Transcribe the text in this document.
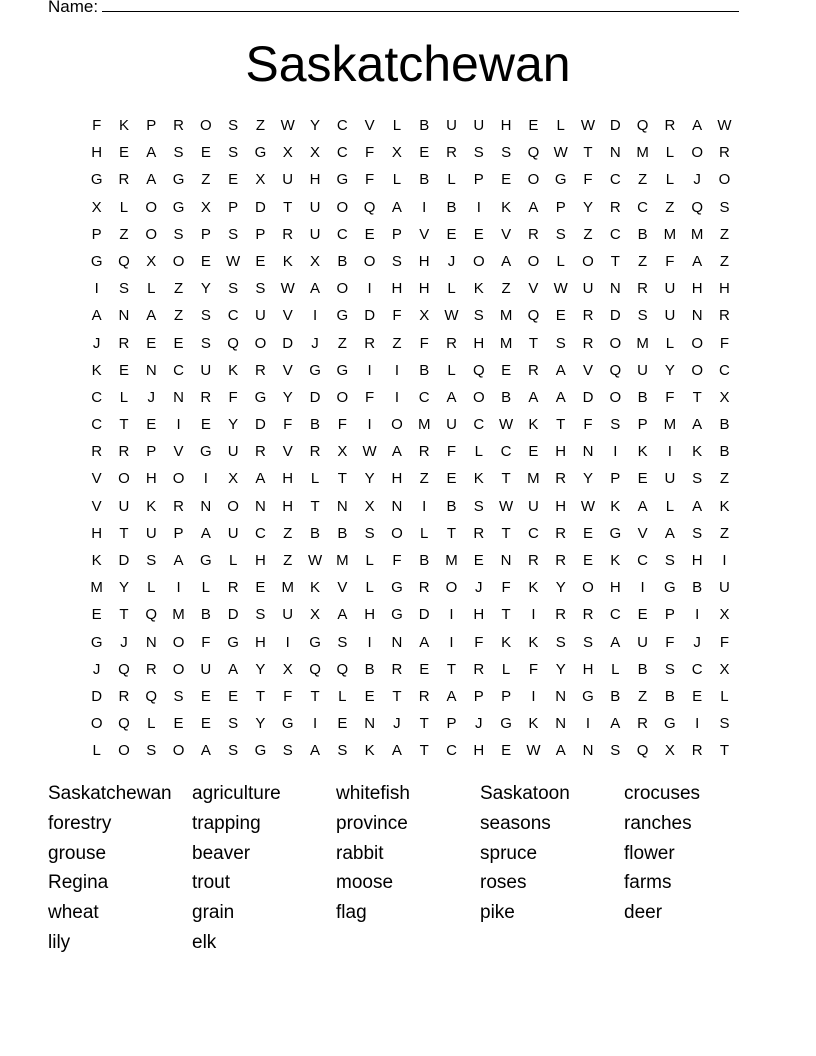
Name:
Saskatchewan
F	K	P	R	O	S	Z	W	Y	C	V	L	B	U	U	H	E	L	W D	Q	R	A	W
H	E	A	S	E	S	G	X	X	C	F	X	E	R	S	S	Q W	T	N	M	L	O	R
G	R	A	G	Z	E	X	U	H	G	F	L	B	L	P	E	O	G	F	C	Z	L	J	O
X	L	O	G	X	P	D	T	U	O	Q	A	I	B	I	K	A	P	Y	R	C	Z	Q	S
P	Z	O	S	P	S	P	R	U	C	E	P	V	E	E	V	R	S	Z	C	B	M M	Z
G	Q	X	O	E	W	E	K	X	B	O	S	H	J	O	A	O	L	O	T	Z	F	A	Z
I	S	L	Z	Y	S	S	W	A	O	I	H	H	L	K	Z	V	W U	N	R	U	H	H
A	N	A	Z	S	C	U	V	I	G	D	F	X	W	S	M	Q	E	R	D	S	U	N	R
J	R	E	E	S	Q	O	D	J	Z	R	Z	F	R	H	M	T	S	R	O	M	L	O	F
K	E	N	C	U	K	R	V	G	G	I	I	B	L	Q	E	R	A	V	Q	U	Y	O	C
C	L	J	N	R	F	G	Y	D	O	F	I	C	A	O	B	A	A	D	O	B	F	T	X
C	T	E	I	E	Y	D	F	B	F	I	O	M	U	C W	K	T	F	S	P	M	A	B
R	R	P	V	G	U	R	V	R	X	W	A	R	F	L	C	E	H	N	I	K	I	K	B
V	O	H	O	I	X	A	H	L	T	Y	H	Z	E	K	T	M	R	Y	P	E	U	S	Z
V	U	K	R	N	O	N	H	T	N	X	N	I	B	S	W U	H W	K	A	L	A	K
H	T	U	P	A	U	C	Z	B	B	S	O	L	T	R	T	C	R	E	G	V	A	S	Z
K	D	S	A	G	L	H	Z	W M	L	F	B	M	E	N	R	R	E	K	C	S	H	I
M	Y	L	I	L	R	E	M	K	V	L	G	R	O	J	F	K	Y	O	H	I	G	B	U
E	T	Q	M	B	D	S	U	X	A	H	G	D	I	H	T	I	R	R	C	E	P	I	X
G	J	N	O	F	G	H	I	G	S	I	N	A	I	F	K	K	S	S	A	U	F	J	F
J	Q	R	O	U	A	Y	X	Q	Q	B	R	E	T	R	L	F	Y	H	L	B	S	C	X
D	R	Q	S	E	E	T	F	T	L	E	T	R	A	P	P	I	N	G	B	Z	B	E	L
O	Q	L	E	E	S	Y	G	I	E	N	J	T	P	J	G	K	N	I	A	R	G	I	S
L	O	S	O	A	S	G	S	A	S	K	A	T	C	H	E	W	A	N	S	Q	X	R	T
Saskatchewan	agriculture	whitefish	Saskatoon	crocuses
forestry	trapping	province	seasons	ranches
grouse	beaver	rabbit	spruce	flower
Regina	trout	moose	roses	farms
wheat	grain	flag	pike	deer
lily	elk
